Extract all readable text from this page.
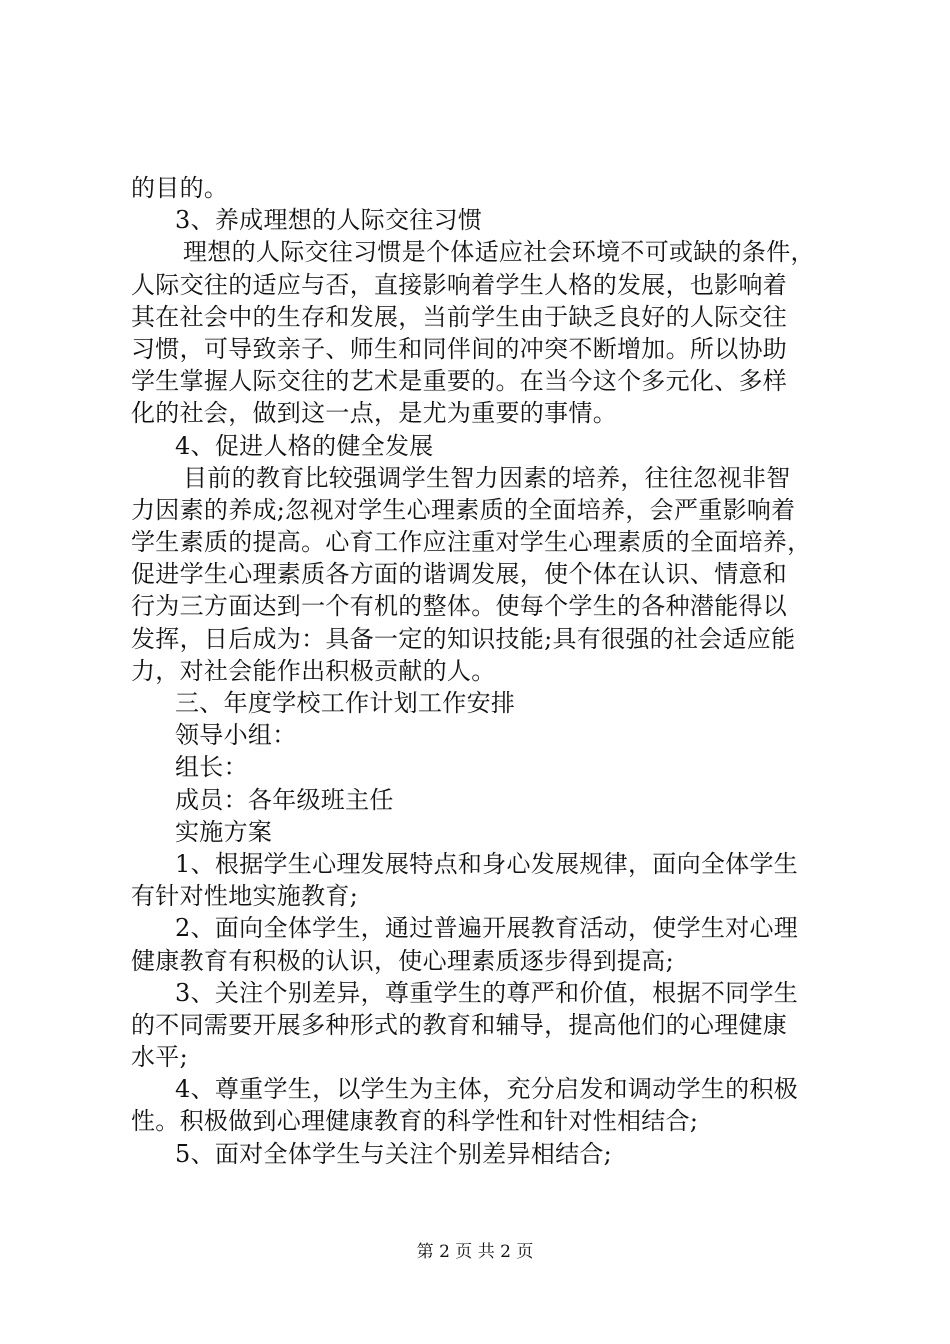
的目的。
3、养成理想的人际交往习惯
理想的人际交往习惯是个体适应社会环境不可或缺的条件，
人际交往的适应与否，直接影响着学生人格的发展，也影响着
其在社会中的生存和发展，当前学生由于缺乏良好的人际交往
习惯，可导致亲子、师生和同伴间的冲突不断增加。所以协助
学生掌握人际交往的艺术是重要的。在当今这个多元化、多样
化的社会，做到这一点，是尤为重要的事情。
4、促进人格的健全发展
目前的教育比较强调学生智力因素的培养，往往忽视非智
力因素的养成;忽视对学生心理素质的全面培养，会严重影响着
学生素质的提高。心育工作应注重对学生心理素质的全面培养，
促进学生心理素质各方面的谐调发展，使个体在认识、情意和
行为三方面达到一个有机的整体。使每个学生的各种潜能得以
发挥，日后成为：具备一定的知识技能;具有很强的社会适应能
力，对社会能作出积极贡献的人。
三、年度学校工作计划工作安排
领导小组：
组长：
成员：各年级班主任
实施方案
1、根据学生心理发展特点和身心发展规律，面向全体学生
有针对性地实施教育;
2、面向全体学生，通过普遍开展教育活动，使学生对心理
健康教育有积极的认识，使心理素质逐步得到提高;
3、关注个别差异，尊重学生的尊严和价值，根据不同学生
的不同需要开展多种形式的教育和辅导，提高他们的心理健康
水平;
4、尊重学生，以学生为主体，充分启发和调动学生的积极
性。积极做到心理健康教育的科学性和针对性相结合;
5、面对全体学生与关注个别差异相结合;
第 2 页 共 2 页
